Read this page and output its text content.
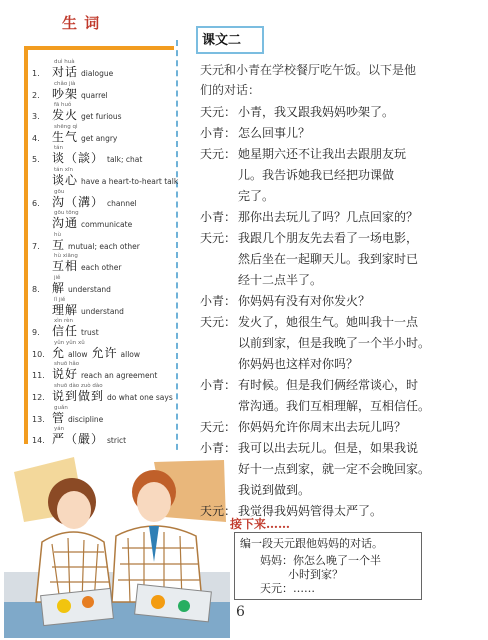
生 词
duì huà
1. 对话 dialogue
chǎo jià
2. 吵架 quarrel
fā huǒ
3. 发火 get furious
shēng qì
4. 生气 get angry
tán
5. 谈（談） talk; chat
tán xīn
谈心 have a heart-to-heart talk
gōu
6. 沟（溝） channel
gōu tōng
沟通 communicate
hù
7. 互 mutual; each other
hù xiāng
互相 each other
jiě
8. 解 understand
lǐ jiě
理解 understand
xìn rèn
9. 信任 trust
yǔn yǔn xǔ
10. 允 allow 允许 allow
shuō hǎo
11. 说好 reach an agreement
shuō dào zuò dào
12. 说到做到 do what one says
guǎn
13. 管 discipline
yán
14. 严（嚴） strict
课文二
天元和小青在学校餐厅吃午饭。以下是他
们的对话：
天元： 小青，我又跟我妈妈吵架了。
小青： 怎么回事儿？
天元： 她星期六还不让我出去跟朋友玩
儿。我告诉她我已经把功课做
完了。
小青： 那你出去玩儿了吗？几点回家的？
天元： 我跟几个朋友先去看了一场电影，
然后坐在一起聊天儿。我到家时已
经十二点半了。
小青： 你妈妈有没有对你发火？
天元： 发火了，她很生气。她叫我十一点
以前到家，但是我晚了一个半小时。
你妈妈也这样对你吗？
小青： 有时候。但是我们俩经常谈心，时
常沟通。我们互相理解，互相信任。
天元： 你妈妈允许你周末出去玩儿吗？
小青： 我可以出去玩儿。但是，如果我说
好十一点到家，就一定不会晚回家。
我说到做到。
天元： 我觉得我妈妈管得太严了。
接下来……
编一段天元跟他妈妈的对话。
妈妈：你怎么晚了一个半
小时到家？
天元：……
6
